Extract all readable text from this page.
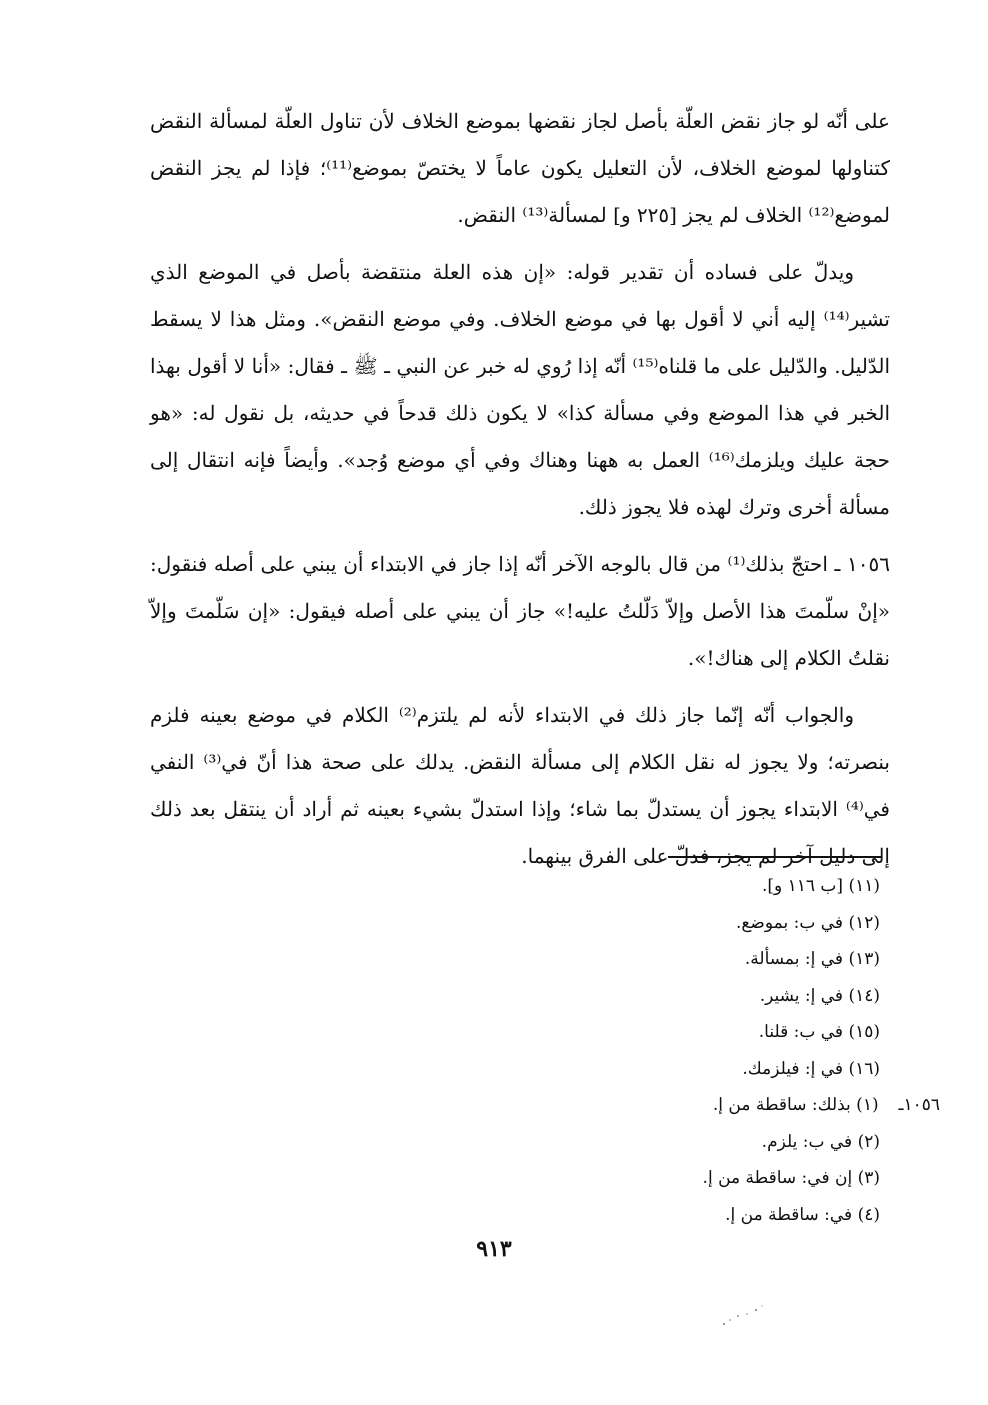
على أنّه لو جاز نقض العلّة بأصل لجاز نقضها بموضع الخلاف لأن تناول العلّة لمسألة النقض كتناولها لموضع الخلاف، لأن التعليل يكون عاماً لا يختصّ بموضع⁽¹¹⁾؛ فإذا لم يجز النقض لموضع⁽¹²⁾ الخلاف لم يجز [٢٢٥ و] لمسألة⁽¹³⁾ النقض.

ويدلّ على فساده أن تقدير قوله: «إن هذه العلة منتقضة بأصل في الموضع الذي تشير⁽¹⁴⁾ إليه أني لا أقول بها في موضع الخلاف. وفي موضع النقض». ومثل هذا لا يسقط الدّليل. والدّليل على ما قلناه⁽¹⁵⁾ أنّه إذا رُوي له خبر عن النبي ـ ﷺ ـ فقال: «أنا لا أقول بهذا الخبر في هذا الموضع وفي مسألة كذا» لا يكون ذلك قدحاً في حديثه، بل نقول له: «هو حجة عليك ويلزمك⁽¹⁶⁾ العمل به ههنا وهناك وفي أي موضع وُجد». وأيضاً فإنه انتقال إلى مسألة أخرى وترك لهذه فلا يجوز ذلك.

١٠٥٦ ـ احتجّ بذلك⁽¹⁾ من قال بالوجه الآخر أنّه إذا جاز في الابتداء أن يبني على أصله فنقول: «إنْ سلّمتَ هذا الأصل وإلاّ دَلّلتُ عليه!» جاز أن يبني على أصله فيقول: «إن سَلّمتَ وإلاّ نقلتُ الكلام إلى هناك!».

والجواب أنّه إنّما جاز ذلك في الابتداء لأنه لم يلتزم⁽²⁾ الكلام في موضع بعينه فلزم بنصرته؛ ولا يجوز له نقل الكلام إلى مسألة النقض. يدلك على صحة هذا أنّ في⁽³⁾ النفي في⁽⁴⁾ الابتداء يجوز أن يستدلّ بما شاء؛ وإذا استدلّ بشيء بعينه ثم أراد أن ينتقل بعد ذلك إلى دليل آخر لم يجز، فدلّ على الفرق بينهما.

(١١) [ب ١١٦ و].
(١٢) في ب: بموضع.
(١٣) في إ: بمسألة.
(١٤) في إ: يشير.
(١٥) في ب: قلنا.
(١٦) في إ: فيلزمك.
١٠٥٦ـ (١) بذلك: ساقطة من إ.
(٢) في ب: يلزم.
(٣) إن في: ساقطة من إ.
(٤) في: ساقطة من إ.
٩١٣
